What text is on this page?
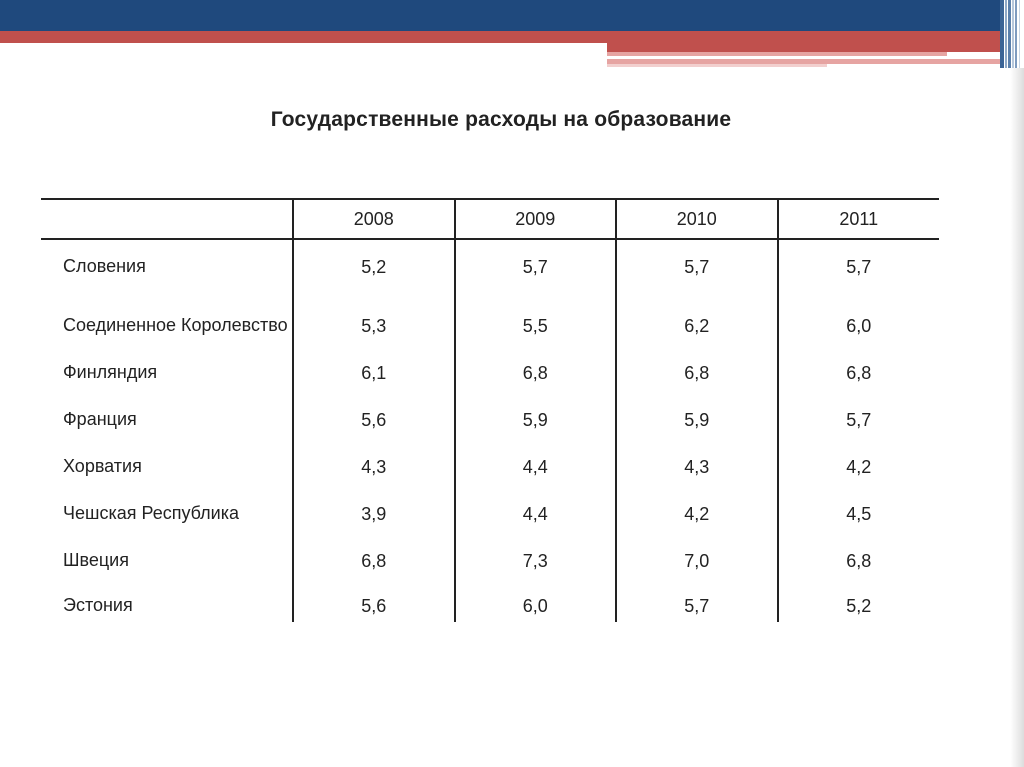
Государственные расходы на образование
	2008	2009	2010	2011
Словения	5,2	5,7	5,7	5,7
Соединенное Королевство	5,3	5,5	6,2	6,0
Финляндия	6,1	6,8	6,8	6,8
Франция	5,6	5,9	5,9	5,7
Хорватия	4,3	4,4	4,3	4,2
Чешская Республика	3,9	4,4	4,2	4,5
Швеция	6,8	7,3	7,0	6,8
Эстония	5,6	6,0	5,7	5,2
